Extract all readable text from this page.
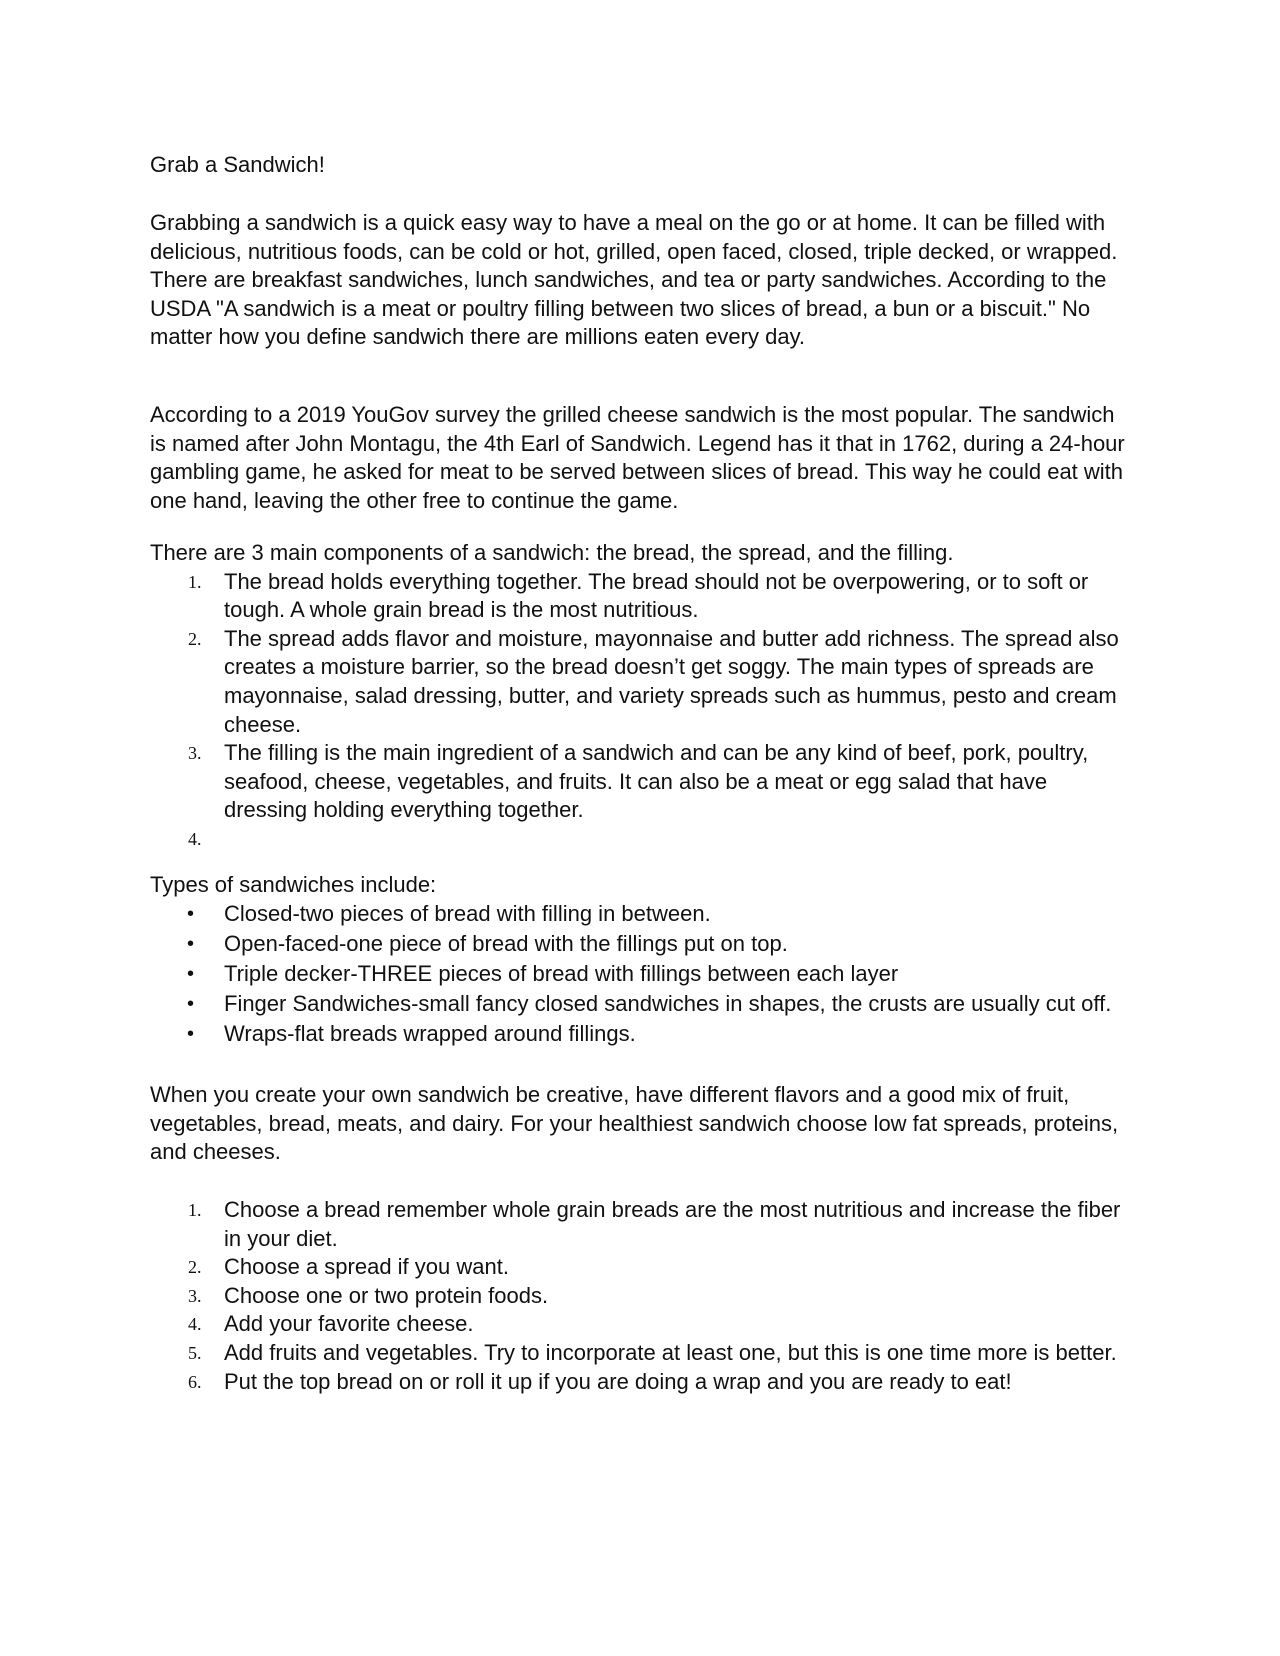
Grab a Sandwich!

Grabbing a sandwich is a quick easy way to have a meal on the go or at home. It can be filled with delicious, nutritious foods, can be cold or hot, grilled, open faced, closed, triple decked, or wrapped. There are breakfast sandwiches, lunch sandwiches, and tea or party sandwiches. According to the USDA "A sandwich is a meat or poultry filling between two slices of bread, a bun or a biscuit." No matter how you define sandwich there are millions eaten every day.

According to a 2019 YouGov survey the grilled cheese sandwich is the most popular. The sandwich is named after John Montagu, the 4th Earl of Sandwich. Legend has it that in 1762, during a 24-hour gambling game, he asked for meat to be served between slices of bread. This way he could eat with one hand, leaving the other free to continue the game.

There are 3 main components of a sandwich: the bread, the spread, and the filling.

1. The bread holds everything together. The bread should not be overpowering, or to soft or tough. A whole grain bread is the most nutritious.
2. The spread adds flavor and moisture, mayonnaise and butter add richness. The spread also creates a moisture barrier, so the bread doesn’t get soggy. The main types of spreads are mayonnaise, salad dressing, butter, and variety spreads such as hummus, pesto and cream cheese.
3. The filling is the main ingredient of a sandwich and can be any kind of beef, pork, poultry, seafood, cheese, vegetables, and fruits. It can also be a meat or egg salad that have dressing holding everything together.
4.

Types of sandwiches include:

• Closed-two pieces of bread with filling in between.
• Open-faced-one piece of bread with the fillings put on top.
• Triple decker-THREE pieces of bread with fillings between each layer
• Finger Sandwiches-small fancy closed sandwiches in shapes, the crusts are usually cut off.
• Wraps-flat breads wrapped around fillings.

When you create your own sandwich be creative, have different flavors and a good mix of fruit, vegetables, bread, meats, and dairy. For your healthiest sandwich choose low fat spreads, proteins, and cheeses.

1. Choose a bread remember whole grain breads are the most nutritious and increase the fiber in your diet.
2. Choose a spread if you want.
3. Choose one or two protein foods.
4. Add your favorite cheese.
5. Add fruits and vegetables. Try to incorporate at least one, but this is one time more is better.
6. Put the top bread on or roll it up if you are doing a wrap and you are ready to eat!
